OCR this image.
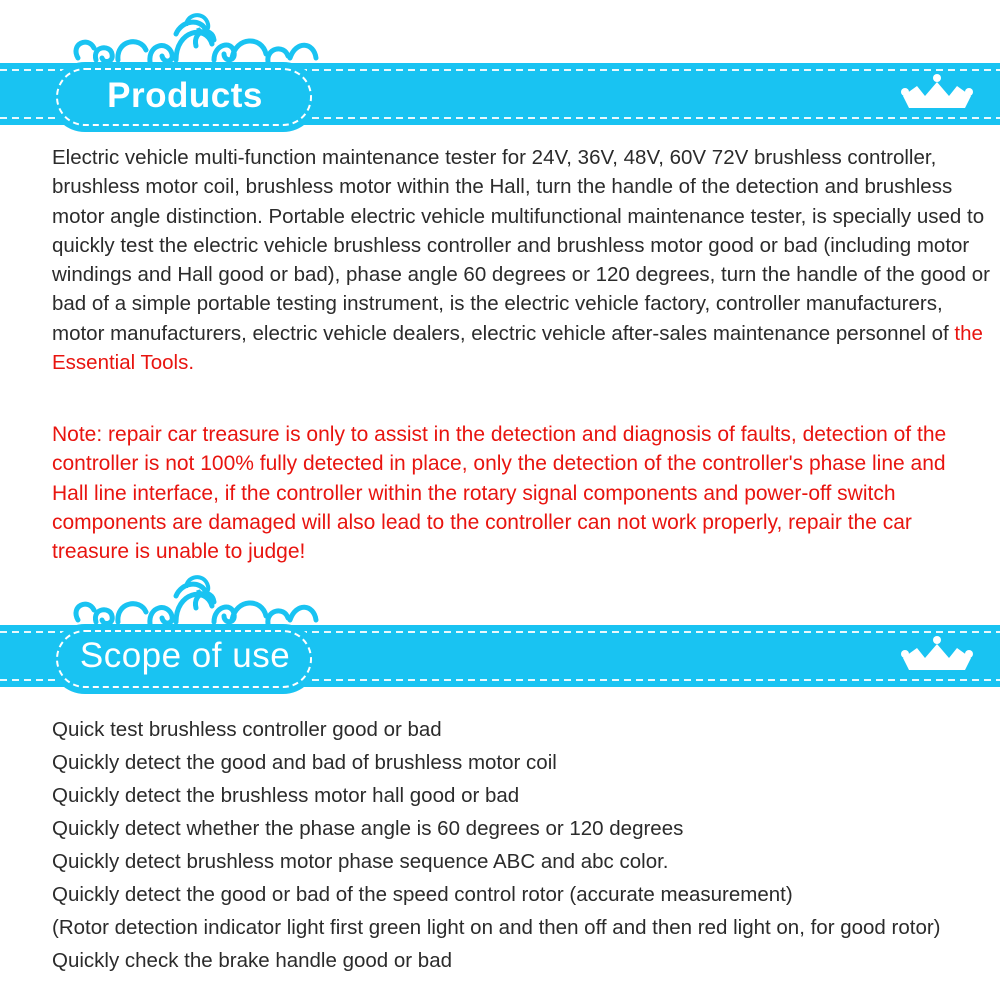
Products

Electric vehicle multi-function maintenance tester for 24V, 36V, 48V, 60V 72V brushless controller, brushless motor coil, brushless motor within the Hall, turn the handle of the detection and brushless motor angle distinction. Portable electric vehicle multifunctional maintenance tester, is specially used to quickly test the electric vehicle brushless controller and brushless motor good or bad (including motor windings and Hall good or bad), phase angle 60 degrees or 120 degrees, turn the handle of the good or bad of a simple portable testing instrument, is the electric vehicle factory, controller manufacturers, motor manufacturers, electric vehicle dealers, electric vehicle after-sales maintenance personnel of the Essential Tools.

Note: repair car treasure is only to assist in the detection and diagnosis of faults, detection of the controller is not 100% fully detected in place, only the detection of the controller's phase line and Hall line interface, if the controller within the rotary signal components and power-off switch components are damaged will also lead to the controller can not work properly, repair the car treasure is unable to judge!

Scope of use
Quick test brushless controller good or bad
Quickly detect the good and bad of brushless motor coil
Quickly detect the brushless motor hall good or bad
Quickly detect whether the phase angle is 60 degrees or 120 degrees
Quickly detect brushless motor phase sequence ABC and abc color.
Quickly detect the good or bad of the speed control rotor (accurate measurement)
(Rotor detection indicator light first green light on and then off and then red light on, for good rotor) Quickly check the brake handle good or bad
